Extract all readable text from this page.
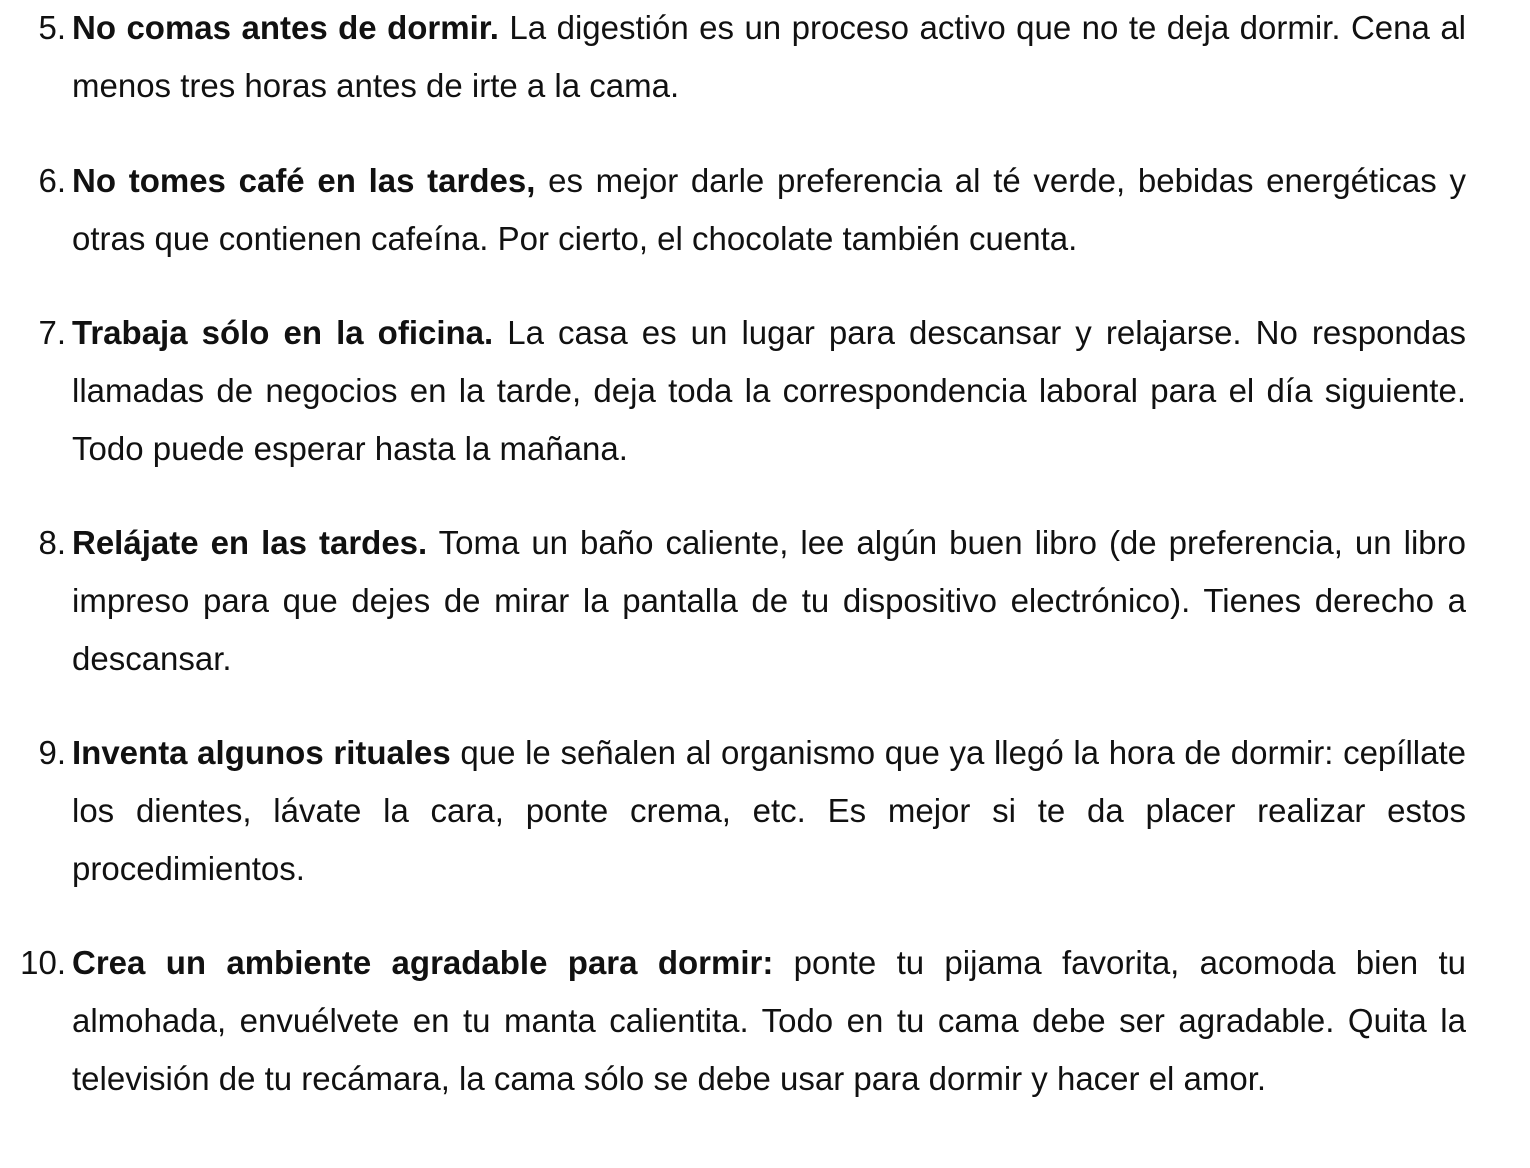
5. No comas antes de dormir. La digestión es un proceso activo que no te deja dormir. Cena al menos tres horas antes de irte a la cama.
6. No tomes café en las tardes, es mejor darle preferencia al té verde, bebidas energéticas y otras que contienen cafeína. Por cierto, el chocolate también cuenta.
7. Trabaja sólo en la oficina. La casa es un lugar para descansar y relajarse. No respondas llamadas de negocios en la tarde, deja toda la correspondencia laboral para el día siguiente. Todo puede esperar hasta la mañana.
8. Relájate en las tardes. Toma un baño caliente, lee algún buen libro (de preferencia, un libro impreso para que dejes de mirar la pantalla de tu dispositivo electrónico). Tienes derecho a descansar.
9. Inventa algunos rituales que le señalen al organismo que ya llegó la hora de dormir: cepíllate los dientes, lávate la cara, ponte crema, etc. Es mejor si te da placer realizar estos procedimientos.
10. Crea un ambiente agradable para dormir: ponte tu pijama favorita, acomoda bien tu almohada, envuélvete en tu manta calientita. Todo en tu cama debe ser agradable. Quita la televisión de tu recámara, la cama sólo se debe usar para dormir y hacer el amor.
